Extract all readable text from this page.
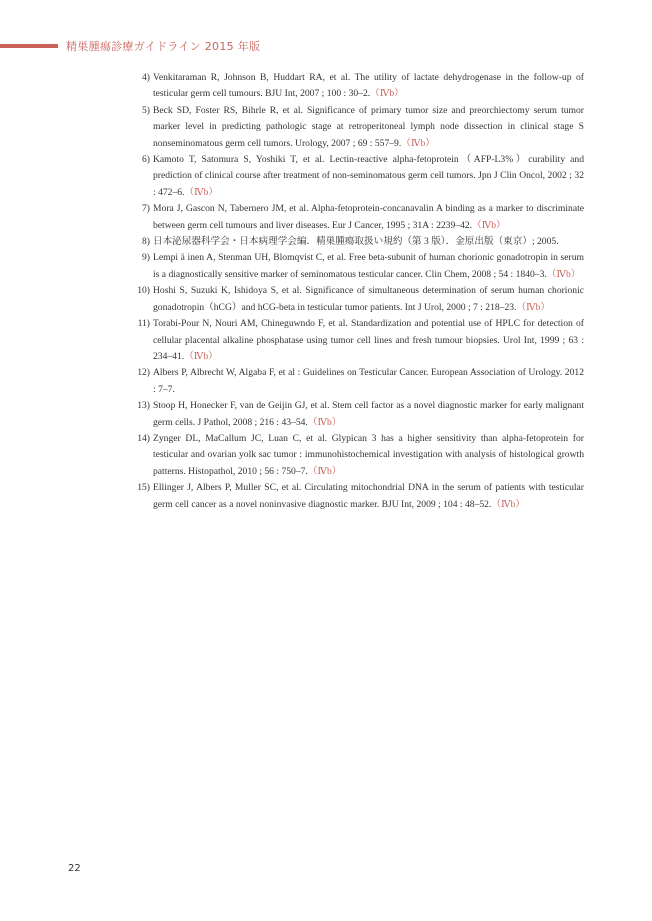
精巣腫瘍診療ガイドライン 2015 年版
4) Venkitaraman R, Johnson B, Huddart RA, et al. The utility of lactate dehydrogenase in the follow-up of testicular germ cell tumours. BJU Int, 2007 ; 100 : 30–2.（Ⅳb）
5) Beck SD, Foster RS, Bihrle R, et al. Significance of primary tumor size and preorchiectomy serum tumor marker level in predicting pathologic stage at retroperitoneal lymph node dissection in clinical stage S nonseminomatous germ cell tumors. Urology, 2007 ; 69 : 557–9.（Ⅳb）
6) Kamoto T, Satomura S, Yoshiki T, et al. Lectin-reactive alpha-fetoprotein（AFP-L3%）curability and prediction of clinical course after treatment of non-seminomatous germ cell tumors. Jpn J Clin Oncol, 2002 ; 32 : 472–6.（Ⅳb）
7) Mora J, Gascon N, Tabernero JM, et al. Alpha-fetoprotein-concanavalin A binding as a marker to discriminate between germ cell tumours and liver diseases. Eur J Cancer, 1995 ; 31A : 2239–42.（Ⅳb）
8) 日本泌尿器科学会・日本病理学会編．精巣腫瘍取扱い規約（第 3 版）．金原出版（東京）; 2005.
9) Lempi ä inen A, Stenman UH, Blomqvist C, et al. Free beta-subunit of human chorionic gonadotropin in serum is a diagnostically sensitive marker of seminomatous testicular cancer. Clin Chem, 2008 ; 54 : 1840–3.（Ⅳb）
10) Hoshi S, Suzuki K, Ishidoya S, et al. Significance of simultaneous determination of serum human chorionic gonadotropin（hCG）and hCG-beta in testicular tumor patients. Int J Urol, 2000 ; 7 : 218–23.（Ⅳb）
11) Torabi-Pour N, Nouri AM, Chineguwndo F, et al. Standardization and potential use of HPLC for detection of cellular placental alkaline phosphatase using tumor cell lines and fresh tumour biopsies. Urol Int, 1999 ; 63 : 234–41.（Ⅳb）
12) Albers P, Albrecht W, Algaba F, et al : Guidelines on Testicular Cancer. European Association of Urology. 2012 : 7–7.
13) Stoop H, Honecker F, van de Geijin GJ, et al. Stem cell factor as a novel diagnostic marker for early malignant germ cells. J Pathol, 2008 ; 216 : 43–54.（Ⅳb）
14) Zynger DL, MaCallum JC, Luan C, et al. Glypican 3 has a higher sensitivity than alpha-fetoprotein for testicular and ovarian yolk sac tumor : immunohistochemical investigation with analysis of histological growth patterns. Histopathol, 2010 ; 56 : 750–7.（Ⅳb）
15) Ellinger J, Albers P, Muller SC, et al. Circulating mitochondrial DNA in the serum of patients with testicular germ cell cancer as a novel noninvasive diagnostic marker. BJU Int, 2009 ; 104 : 48–52.（Ⅳb）
22
